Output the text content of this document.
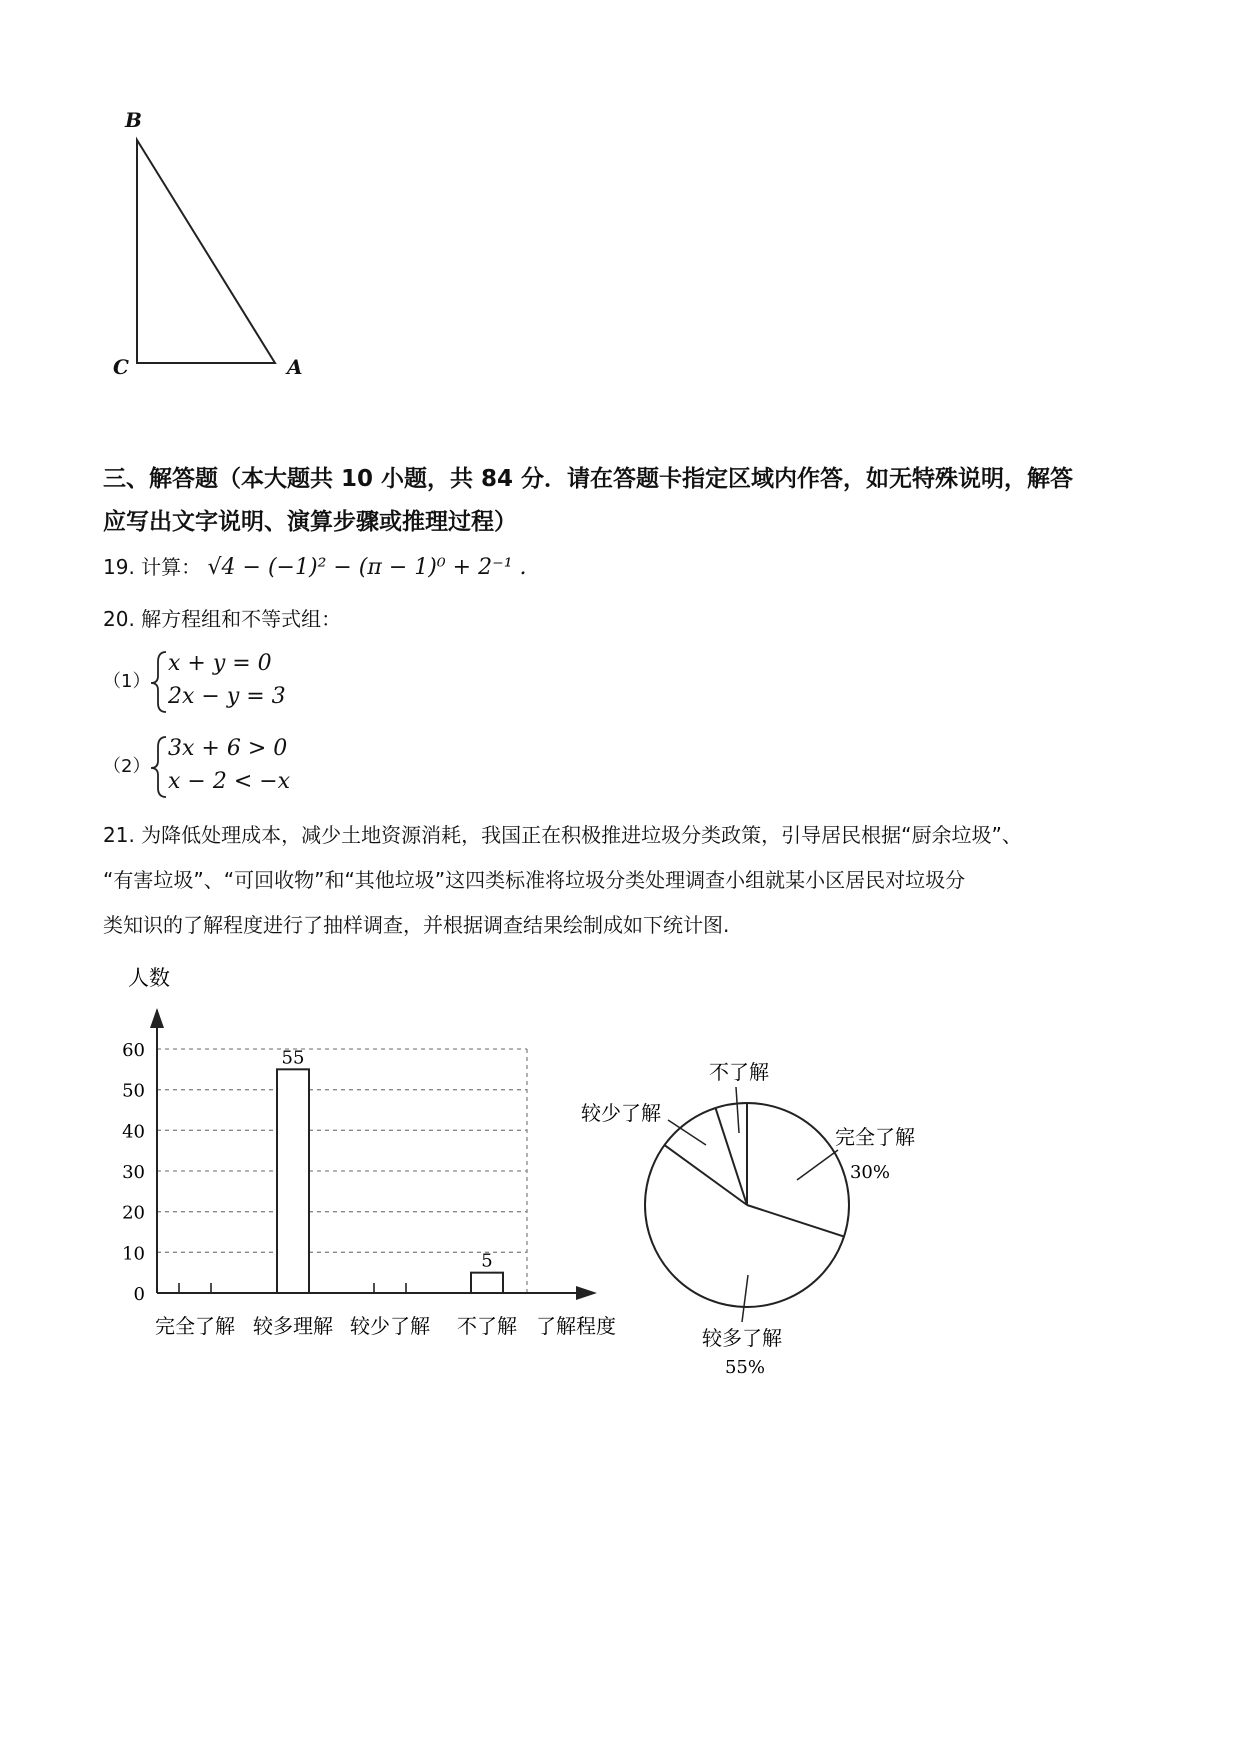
B
C	A
三、解答题（本大题共 10 小题，共 84 分．请在答题卡指定区域内作答，如无特殊说明，解答
应写出文字说明、演算步骤或推理过程）
19. 计算： √4 − (−1)² − (π − 1)⁰ + 2⁻¹ .
20. 解方程组和不等式组：
（1）
x + y = 0
2x − y = 3
（2）
3x + 6 > 0
x − 2 < −x
21. 为降低处理成本，减少土地资源消耗，我国正在积极推进垃圾分类政策，引导居民根据“厨余垃圾”、
“有害垃圾”、“可回收物”和“其他垃圾”这四类标准将垃圾分类处理调查小组就某小区居民对垃圾分
类知识的了解程度进行了抽样调查，并根据调查结果绘制成如下统计图.
0
10
20
30
40
50
60
人数
了解程度
完全了解 较多理解
55
较少了解 不了解
5
完全了解
30%
较多了解
55%
较少了解
不了解
